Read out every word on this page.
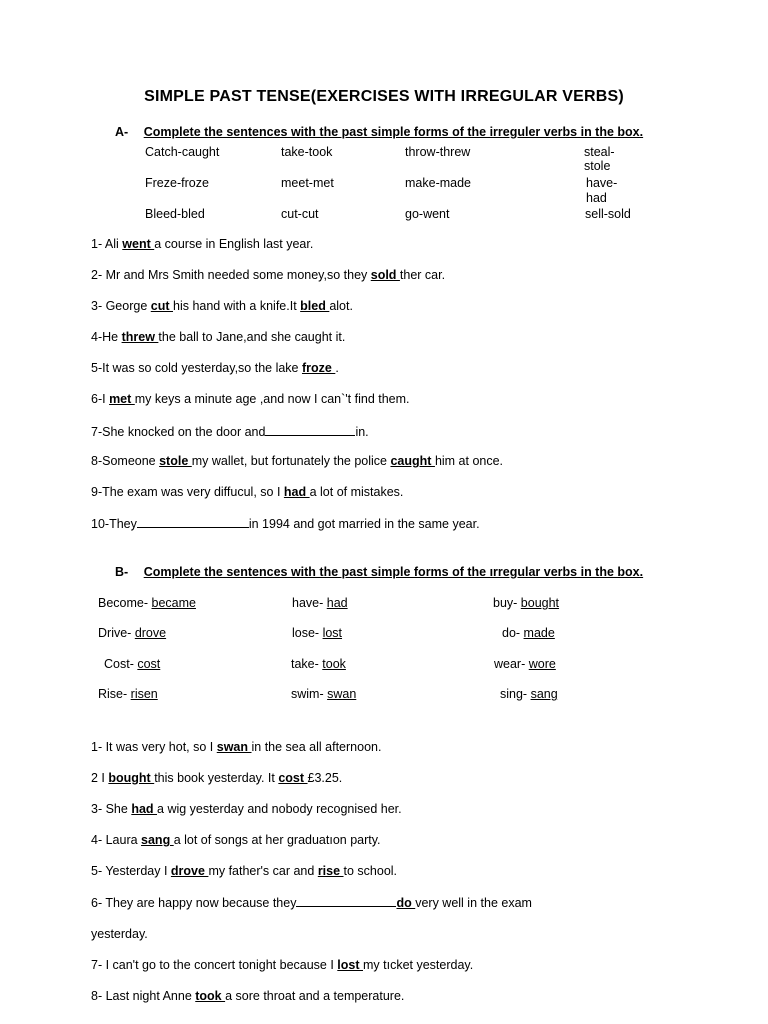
SIMPLE PAST TENSE(EXERCISES WITH IRREGULAR VERBS)
A- Complete the sentences with the past simple forms of the irreguler verbs in the box.
Catch-caught	take-took	throw-threw	steal-
stole
Freze-froze	meet-met	make-made	have-
had
Bleed-bled	cut-cut	go-went	sell-sold
1- Ali went a course in English last year.
2- Mr and Mrs Smith needed some money,so they sold ther car.
3- George cut his hand with a knife.It bled alot.
4-He threw the ball to Jane,and she caught it.
5-It was so cold yesterday,so the lake froze .
6-I met my keys a minute age ,and now I can`'t find them.
7-She knocked on the door and	in.
8-Someone stole my wallet, but fortunately the police caught him at once.
9-The exam was very diffucul, so I had a lot of mistakes.
10-They	in 1994 and got married in the same year.
B- Complete the sentences with the past simple forms of the ırregular verbs in the box.
Become- became	have- had	buy- bought
Drive- drove	lose- lost	do- made
Cost- cost	take- took	wear- wore
Rise- risen	swim- swan	sing- sang
1- It was very hot, so I swan in the sea all afternoon.
2 I bought this book yesterday. It cost £3.25.
3- She had a wig yesterday and nobody recognised her.
4- Laura sang a lot of songs at her graduatıon party.
5- Yesterday I drove my father's car and rise to school.
6- They are happy now because they	do very well in the exam
yesterday.
7- I can't go to the concert tonight because I lost my tıcket yesterday.
8- Last night Anne took a sore throat and a temperature.
